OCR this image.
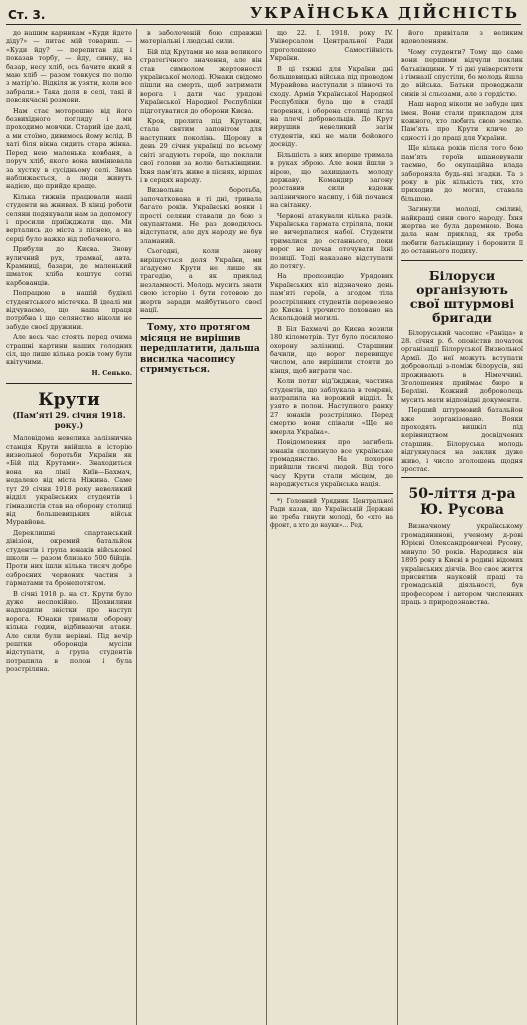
Ст. 3.	УКРАЇНСЬКА ДІЙСНІСТЬ

до нашим карникам «Куди йдете діду?» — питає мій товариш. — «Куди йду? — перепитав дід і показав торбу, — йду, синку, на базар, несу хліб, ось бачите який я маю хліб — разом товкуся по полю з матір’ю. Відкіля ж узяти, коли все забрали.» Така доля в селі, такі й повсякчасні розмови.

Нам стає моторошно від його безвихідного погляду і ми проходимо мовчки. Старий іде далі, а ми стоїмо, дивимось йому вслід. В хаті біля вікна сидить стара жінка. Перед нею маленька ковбаня, а поруч хліб, якого вона вимінювала за хустку в сусідньому селі. Зима наближається, а люди живуть надією, що прийде краще.

Кілька тижнів працювали наші студенти на жнивах. В кінці роботи селяни подякували нам за допомогу і просили приїжджати ще. Ми вертались до міста з піснею, а на серці було важко від побаченого.

Прибули до Києва. Знову вуличний рух, трамваї, авта. Крамниці, базари, де маленький шматок хліба коштує сотні карбованців.

Попрацюю в нашій будівлі студентського містечка. В ідеалі ми відчуваємо, що наша праця потрібна і що селянство ніколи не забуде своєї дружини.

Але весь час стоять перед очима страшні картини наших голодних сіл, що лише кілька років тому були квітучими.

Н. Сенько.
Крути
(Пам’яті 29. січня 1918. року.)

Маловідома невелика залізнична станція Крути ввійшла в історію визвольної боротьби України як «Бій під Крутами». Знаходиться вона на лінії Київ—Бахмач, недалеко від міста Ніжина. Саме тут 29 січня 1918 року невеликий відділ українських студентів і гімназистів став на оборону столиці від большевицьких військ Муравйова.

Дереклишні спартанський дівізіон, окремий батальйон студентів і група юнаків військової школи — разом близько 500 бійців. Проти них ішли кілька тисяч добре озброєних червоних частин з гарматами та бронепотягом.

В січні 1918 р. на ст. Крути було дуже неспокійно. Щохвилини надходили звістки про наступ ворога. Юнаки тримали оборону кілька годин, відбиваючи атаки. Але сили були нерівні. Під вечір рештки оборонців мусіли відступати, а група студентів потрапила в полон і була розстріляна.

в заболоченій бою справжні матеріальні і людські сили.

Бій під Крутами не мав великого стратегічного значення, але він став символом жертовності української молоді. Юнаки свідомо пішли на смерть, щоб затримати ворога і дати час урядові Української Народної Республіки підготуватися до оборони Києва.

Кров, пролита під Крутами, стала святим заповітом для наступних поколінь. Щороку в день 29 січня українці по всьому світі згадують героїв, що поклали свої голови за волю батьківщини. Їхня пам’ять живе в піснях, віршах і в серцях народу.

Визвольна боротьба, започаткована в ті дні, тривала багато років. Українські вояки і прості селяни ставали до бою з окупантами. Не раз доводилось відступати, але дух народу не був зламаний.

Сьогодні, коли знову вирішується доля України, ми згадуємо Крути не лише як трагедію, а як приклад незламності. Молодь мусить знати свою історію і бути готовою до жертв заради майбутнього своєї нації.

Тому, хто протягом місяця не вирішив передплатити, дальша висилка часопису стримується.

що 22. I. 1918. року IV. Універсалом Центральної Ради проголошено Самостійність України.

В ці тяжкі для України дні большевицькі війська під проводом Муравйова наступали з півночі та сходу. Армія Української Народної Республіки була ще в стадії творення, і оборона столиці лягла на плечі добровольців. До Крут вирушив невеликий загін студентів, які не мали бойового досвіду.

Більшість з них вперше тримала в руках зброю. Але вони йшли з вірою, що захищають молоду державу. Командир загону розставив сили вздовж залізничного насипу, і бій почався на світанку.

Червоні атакували кілька разів. Українська гармата стріляла, поки не вичерпалися набої. Студенти трималися до останнього, поки ворог не почав оточувати їхні позиції. Тоді наказано відступати до потягу.

На пропозицію Урядових Українських кіл відзначено день пам’яті героїв, а згодом тіла розстріляних студентів перевезено до Києва і урочисто поховано на Аскольдовій могилі.

В Біл Бахмачі до Києва возили 180 кілометрів. Тут було посилено охорону залізниці. Старшини бачили, що ворог перевищує числом, але вирішили стояти до кінця, щоб виграти час.

Коли потяг від’їжджав, частина студентів, що заблукала в темряві, натрапила на ворожий відділ. Їх узято в полон. Наступного ранку 27 юнаків розстріляно. Перед смертю вони співали «Ще не вмерла Україна».

Повідомлення про загибель юнаків сколихнуло все українське громадянство. На похорон прийшли тисячі людей. Від того часу Крути стали місцем, де народжується українська нація.

*) Головний Урядник Центральної Ради казав, що Українській Державі не треба гинути молоді, бо «хто на фронт, а хто до науки»... Ред.

його привітали з великим вдоволенням.

Чому студенти? Тому що саме вони першими відчули поклик батьківщини. У ті дні університети і гімназії спустіли, бо молодь йшла до війська. Батьки проводжали синів зі сльозами, але з гордістю.

Наш народ ніколи не забуде цих імен. Вони стали прикладом для кожного, хто любить свою землю. Пам’ять про Крути кличе до єдності і до праці для України.

Ще кілька років після того бою пам’ять героїв вшановували таємно, бо окупаційна влада забороняла будь-які згадки. Та з року в рік кількість тих, хто приходив до могил, ставала більшою.

Загинули молоді, сміливі, найкращі сини свого народу. Їхня жертва не була даремною. Вона дала нам приклад, як треба любити батьківщину і боронити її до останнього подиху.

Білоруси організують свої штурмові бригади

Білоруський часопис «Раніца» в 28. січня р. б. оповістив початок організації Білоруської Визвольної Армії. До неї можуть вступати добровольці з-поміж білорусів, які проживають в Німеччині. Зголошення приймає бюро в Берліні. Кожний доброволець мусить мати відповідні документи.

Перший штурмовий батальйон вже зорганізовано. Вояки проходять вишкіл під керівництвом досвідчених старшин. Білоруська молодь відгукнулася на заклик дуже живо, і число зголошень щодня зростає.

50-ліття д-ра Ю. Русова

Визначному українському громадянинові, ученому д-рові Юрієві Олександровичеві Русову, минуло 50 років. Народився він 1895 року в Києві в родині відомих українських діячів. Все своє життя присвятив науковій праці та громадській діяльності, був професором і автором численних праць з природознавства.
